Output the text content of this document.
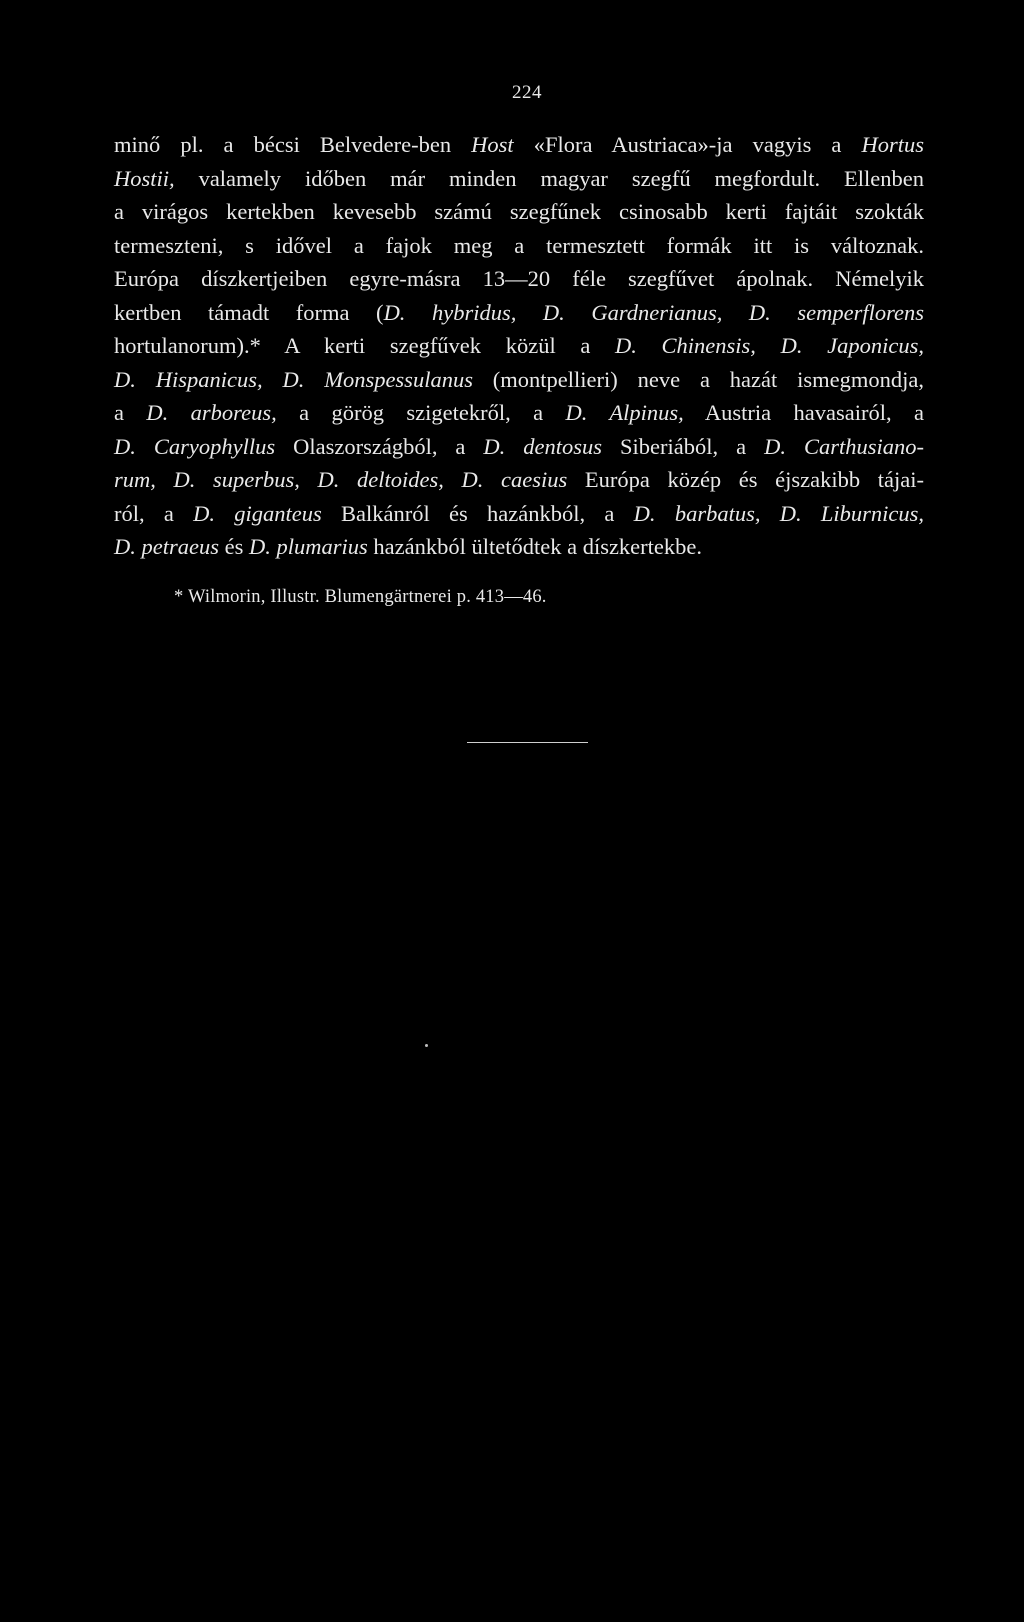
224
minő pl. a bécsi Belvedere-ben Host «Flora Austriaca»-ja vagyis a Hortus
Hostii, valamely időben már minden magyar szegfű megfordult. Ellenben
a virágos kertekben kevesebb számú szegfűnek csinosabb kerti fajtáit szokták
termeszteni, s idővel a fajok meg a termesztett formák itt is változnak.
Európa díszkertjeiben egyre-másra 13—20 féle szegfűvet ápolnak. Némelyik
kertben támadt forma (D. hybridus, D. Gardnerianus, D. semperflorens
hortulanorum).* A kerti szegfűvek közül a D. Chinensis, D. Japonicus,
D. Hispanicus, D. Monspessulanus (montpellieri) neve a hazát ismegmondja,
a D. arboreus, a görög szigetekről, a D. Alpinus, Austria havasairól, a
D. Caryophyllus Olaszországból, a D. dentosus Siberiából, a D. Carthusiano-
rum, D. superbus, D. deltoides, D. caesius Európa közép és éjszakibb tájai-
ról, a D. giganteus Balkánról és hazánkból, a D. barbatus, D. Liburnicus,
D. petraeus és D. plumarius hazánkból ültetődtek a díszkertekbe.
* Wilmorin, Illustr. Blumengärtnerei p. 413—46.
